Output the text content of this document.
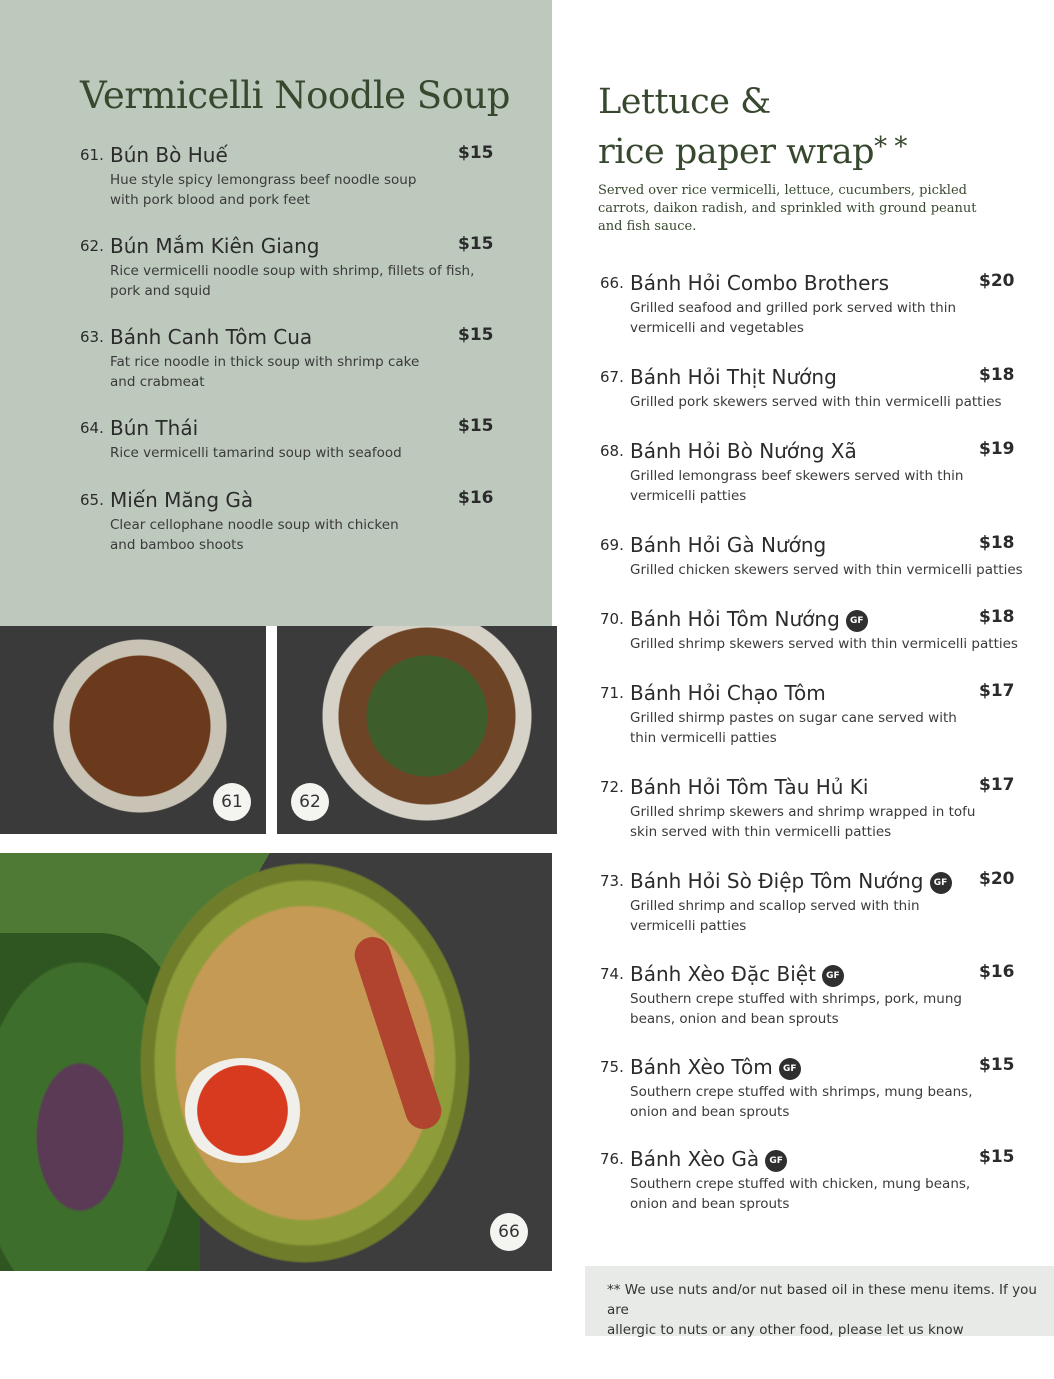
Vermicelli Noodle Soup
61. Bún Bò Huế	$15
Hue style spicy lemongrass beef noodle soup
with pork blood and pork feet
62. Bún Mắm Kiên Giang	$15
Rice vermicelli noodle soup with shrimp, fillets of fish,
pork and squid
63. Bánh Canh Tôm Cua	$15
Fat rice noodle in thick soup with shrimp cake
and crabmeat
64. Bún Thái	$15
Rice vermicelli tamarind soup with seafood
65. Miến Măng Gà	$16
Clear cellophane noodle soup with chicken
and bamboo shoots
61	62
66
Lettuce &
rice paper wrap* *
Served over rice vermicelli, lettuce, cucumbers, pickled
carrots, daikon radish, and sprinkled with ground peanut
and fish sauce.
66. Bánh Hỏi Combo Brothers	$20
Grilled seafood and grilled pork served with thin
vermicelli and vegetables
67. Bánh Hỏi Thịt Nướng	$18
Grilled pork skewers served with thin vermicelli patties
68. Bánh Hỏi Bò Nướng Xã	$19
Grilled lemongrass beef skewers served with thin
vermicelli patties
69. Bánh Hỏi Gà Nướng	$18
Grilled chicken skewers served with thin vermicelli patties
70. Bánh Hỏi Tôm Nướng GF	$18
Grilled shrimp skewers served with thin vermicelli patties
71. Bánh Hỏi Chạo Tôm	$17
Grilled shirmp pastes on sugar cane served with
thin vermicelli patties
72. Bánh Hỏi Tôm Tàu Hủ Ki	$17
Grilled shrimp skewers and shrimp wrapped in tofu
skin served with thin vermicelli patties
73. Bánh Hỏi Sò Điệp Tôm Nướng GF $20
Grilled shrimp and scallop served with thin
vermicelli patties
74. Bánh Xèo Đặc Biệt GF	$16
Southern crepe stuffed with shrimps, pork, mung
beans, onion and bean sprouts
75. Bánh Xèo Tôm GF	$15
Southern crepe stuffed with shrimps, mung beans,
onion and bean sprouts
76. Bánh Xèo Gà GF	$15
Southern crepe stuffed with chicken, mung beans,
onion and bean sprouts
** We use nuts and/or nut based oil in these menu items. If you are
allergic to nuts or any other food, please let us know
